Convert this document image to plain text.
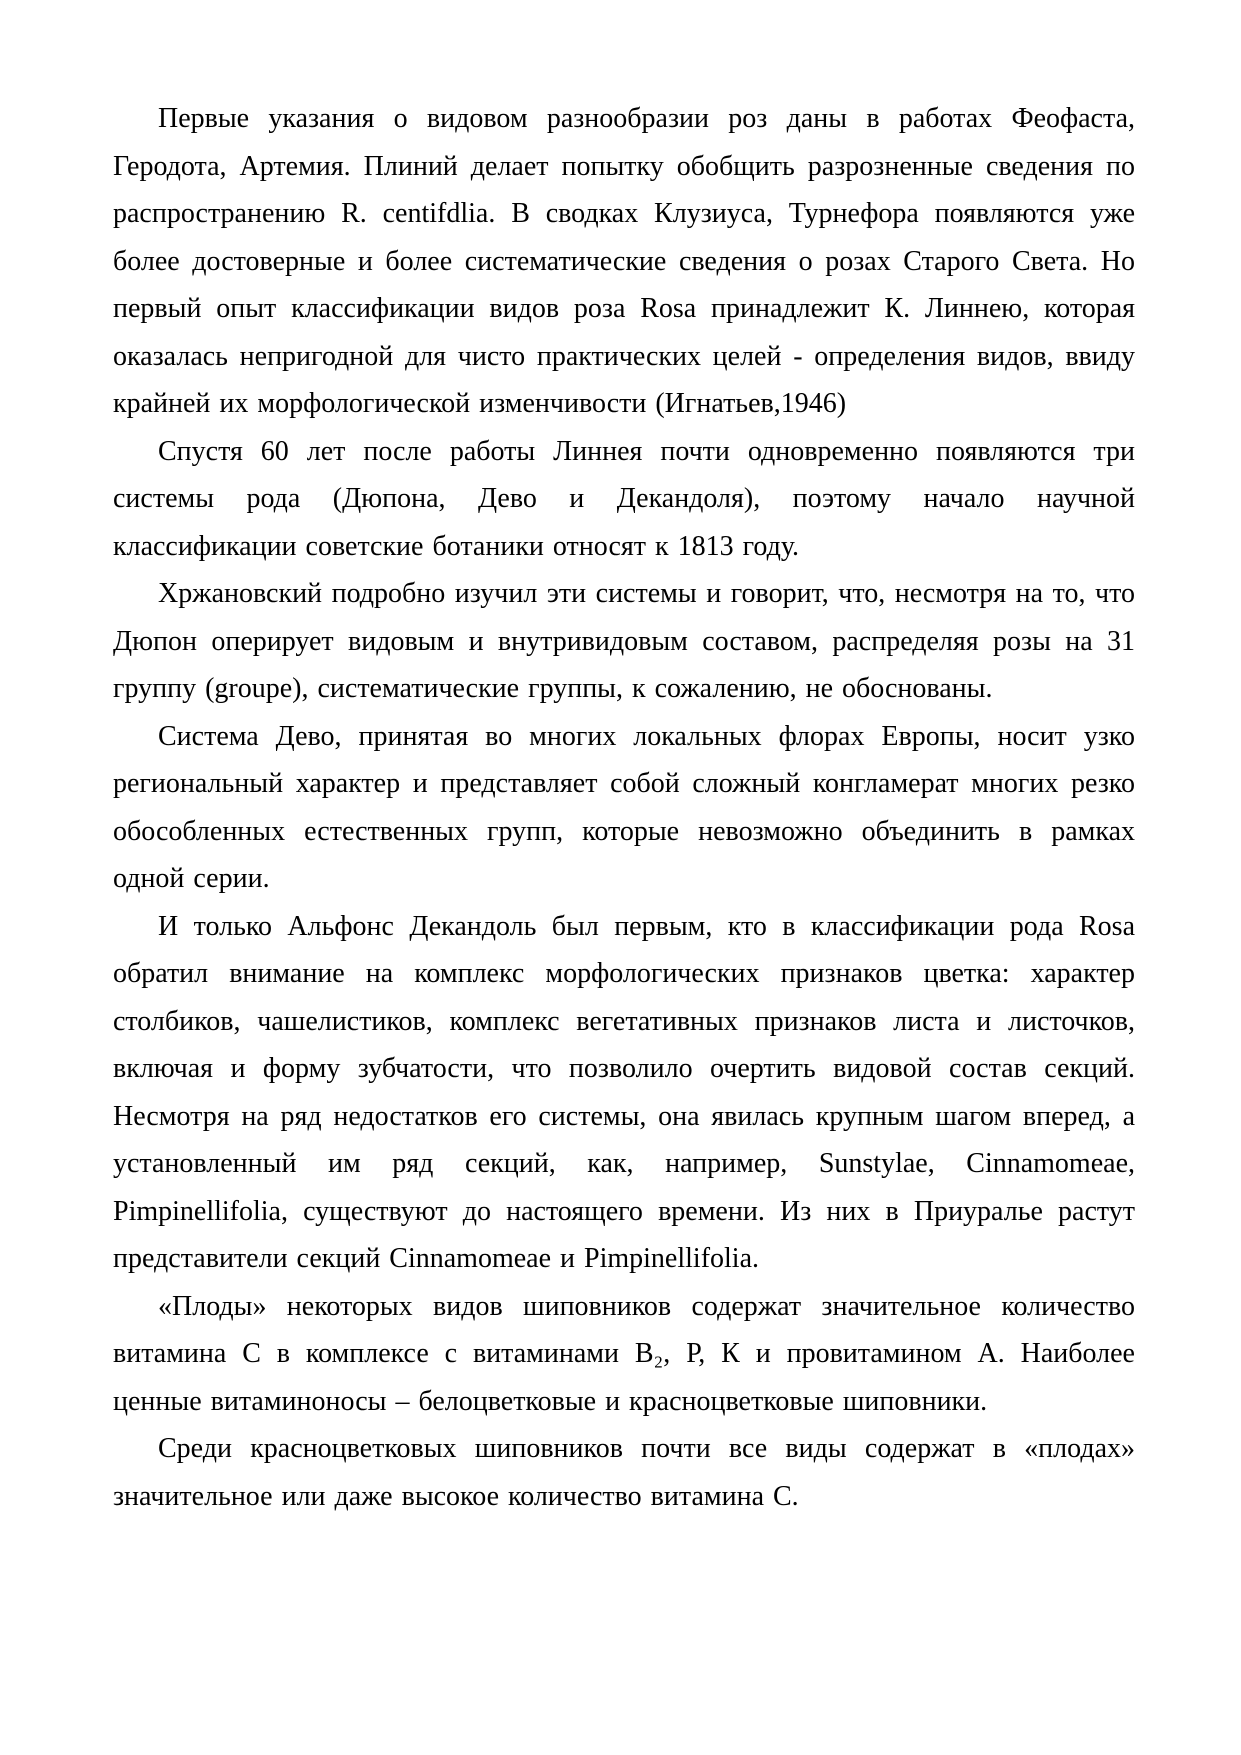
Первые указания о видовом разнообразии роз даны в работах Феофаста, Геродота, Артемия. Плиний делает попытку обобщить разрозненные сведения по распространению R. centifdlia. В сводках Клузиуса, Турнефора появляются уже более достоверные и более систематические сведения о розах Старого Света. Но первый опыт классификации видов роза Rosa принадлежит К. Линнею, которая оказалась непригодной для чисто практических целей - определения видов, ввиду крайней их морфологической изменчивости (Игнатьев,1946)

Спустя 60 лет после работы Линнея почти одновременно появляются три системы рода (Дюпона, Дево и Декандоля), поэтому начало научной классификации советские ботаники относят к 1813 году.

Хржановский подробно изучил эти системы и говорит, что, несмотря на то, что Дюпон оперирует видовым и внутривидовым составом, распределяя розы на 31 группу (groupe), систематические группы, к сожалению, не обоснованы.

Система Дево, принятая во многих локальных флорах Европы, носит узко региональный характер и представляет собой сложный конгламерат многих резко обособленных естественных групп, которые невозможно объединить в рамках одной серии.

И только Альфонс Декандоль был первым, кто в классификации рода Rosa обратил внимание на комплекс морфологических признаков цветка: характер столбиков, чашелистиков, комплекс вегетативных признаков листа и листочков, включая и форму зубчатости, что позволило очертить видовой состав секций. Несмотря на ряд недостатков его системы, она явилась крупным шагом вперед, а установленный им ряд секций, как, например, Sunstylae, Cinnamomeae, Pimpinellifolia, существуют до настоящего времени. Из них в Приуралье растут представители секций Cinnamomeae и Pimpinellifolia.

«Плоды» некоторых видов шиповников содержат значительное количество витамина С в комплексе с витаминами В₂, Р, К и провитамином А. Наиболее ценные витаминоносы – белоцветковые и красноцветковые шиповники.

Среди красноцветковых шиповников почти все виды содержат в «плодах» значительное или даже высокое количество витамина С.
